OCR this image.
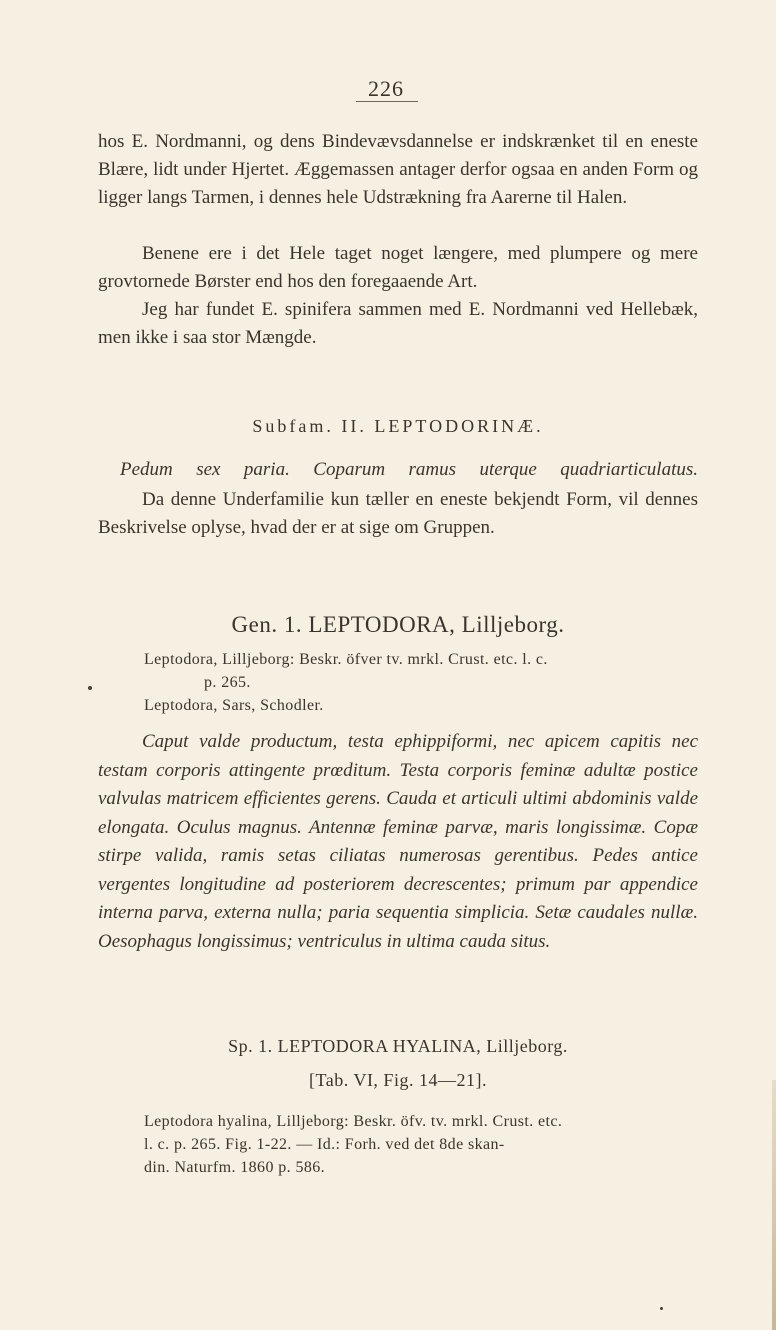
226

hos E. Nordmanni, og dens Bindevævsdannelse er indskrænket til en eneste Blære, lidt under Hjertet. Æggemassen antager derfor ogsaa en anden Form og ligger langs Tarmen, i dennes hele Udstrækning fra Aarerne til Halen.

Benene ere i det Hele taget noget længere, med plumpere og mere grovtornede Børster end hos den foregaaende Art.

Jeg har fundet E. spinifera sammen med E. Nordmanni ved Hellebæk, men ikke i saa stor Mængde.

Subfam. II. LEPTODORINÆ.

Pedum sex paria. Coparum ramus uterque quadriarticulatus.

Da denne Underfamilie kun tæller en eneste bekjendt Form, vil dennes Beskrivelse oplyse, hvad der er at sige om Gruppen.

Gen. 1. LEPTODORA, Lilljeborg.

Leptodora, Lilljeborg: Beskr. öfver tv. mrkl. Crust. etc. l. c.
p. 265.
Leptodora, Sars, Schodler.

Caput valde productum, testa ephippiformi, nec apicem capitis nec testam corporis attingente prœditum. Testa corporis feminæ adultæ postice valvulas matricem efficientes gerens. Cauda et articuli ultimi abdominis valde elongata. Oculus magnus. Antennæ feminæ parvæ, maris longissimæ. Copæ stirpe valida, ramis setas ciliatas numerosas gerentibus. Pedes antice vergentes longitudine ad posteriorem decrescentes; primum par appendice interna parva, externa nulla; paria sequentia simplicia. Setæ caudales nullæ. Oesophagus longissimus; ventriculus in ultima cauda situs.

Sp. 1. LEPTODORA HYALINA, Lilljeborg.

[Tab. VI, Fig. 14—21].

Leptodora hyalina, Lilljeborg: Beskr. öfv. tv. mrkl. Crust. etc.
l. c. p. 265. Fig. 1-22. — Id.: Forh. ved det 8de skan-
din. Naturfm. 1860 p. 586.
